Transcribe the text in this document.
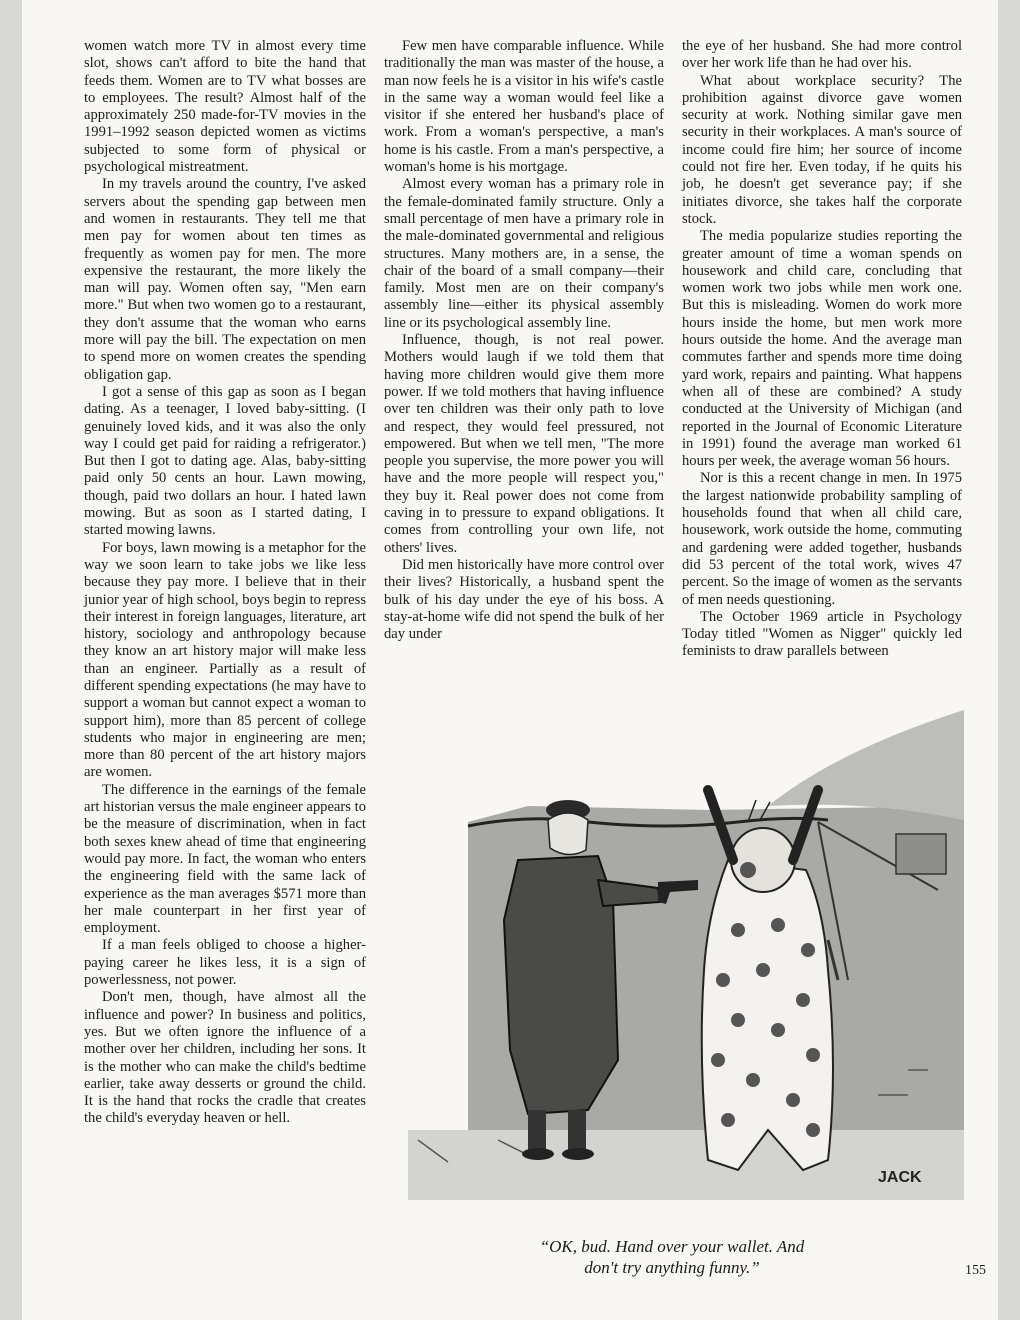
women watch more TV in almost every time slot, shows can't afford to bite the hand that feeds them. Women are to TV what bosses are to employees. The result? Almost half of the approximately 250 made-for-TV movies in the 1991–1992 season depicted women as victims subjected to some form of physical or psychological mistreatment.

In my travels around the country, I've asked servers about the spending gap between men and women in restaurants. They tell me that men pay for women about ten times as frequently as women pay for men. The more expensive the restaurant, the more likely the man will pay. Women often say, "Men earn more." But when two women go to a restaurant, they don't assume that the woman who earns more will pay the bill. The expectation on men to spend more on women creates the spending obligation gap.

I got a sense of this gap as soon as I began dating. As a teenager, I loved baby-sitting. (I genuinely loved kids, and it was also the only way I could get paid for raiding a refrigerator.) But then I got to dating age. Alas, baby-sitting paid only 50 cents an hour. Lawn mowing, though, paid two dollars an hour. I hated lawn mowing. But as soon as I started dating, I started mowing lawns.

For boys, lawn mowing is a metaphor for the way we soon learn to take jobs we like less because they pay more. I believe that in their junior year of high school, boys begin to repress their interest in foreign languages, literature, art history, sociology and anthropology because they know an art history major will make less than an engineer. Partially as a result of different spending expectations (he may have to support a woman but cannot expect a woman to support him), more than 85 percent of college students who major in engineering are men; more than 80 percent of the art history majors are women.

The difference in the earnings of the female art historian versus the male engineer appears to be the measure of discrimination, when in fact both sexes knew ahead of time that engineering would pay more. In fact, the woman who enters the engineering field with the same lack of experience as the man averages $571 more than her male counterpart in her first year of employment.

If a man feels obliged to choose a higher-paying career he likes less, it is a sign of powerlessness, not power.

Don't men, though, have almost all the influence and power? In business and politics, yes. But we often ignore the influence of a mother over her children, including her sons. It is the mother who can make the child's bedtime earlier, take away desserts or ground the child. It is the hand that rocks the cradle that creates the child's everyday heaven or hell.

Few men have comparable influence. While traditionally the man was master of the house, a man now feels he is a visitor in his wife's castle in the same way a woman would feel like a visitor if she entered her husband's place of work. From a woman's perspective, a man's home is his castle. From a man's perspective, a woman's home is his mortgage.

Almost every woman has a primary role in the female-dominated family structure. Only a small percentage of men have a primary role in the male-dominated governmental and religious structures. Many mothers are, in a sense, the chair of the board of a small company—their family. Most men are on their company's assembly line—either its physical assembly line or its psychological assembly line.

Influence, though, is not real power. Mothers would laugh if we told them that having more children would give them more power. If we told mothers that having influence over ten children was their only path to love and respect, they would feel pressured, not empowered. But when we tell men, "The more people you supervise, the more power you will have and the more people will respect you," they buy it. Real power does not come from caving in to pressure to expand obligations. It comes from controlling your own life, not others' lives.

Did men historically have more control over their lives? Historically, a husband spent the bulk of his day under the eye of his boss. A stay-at-home wife did not spend the bulk of her day under

the eye of her husband. She had more control over her work life than he had over his.

What about workplace security? The prohibition against divorce gave women security at work. Nothing similar gave men security in their workplaces. A man's source of income could fire him; her source of income could not fire her. Even today, if he quits his job, he doesn't get severance pay; if she initiates divorce, she takes half the corporate stock.

The media popularize studies reporting the greater amount of time a woman spends on housework and child care, concluding that women work two jobs while men work one. But this is misleading. Women do work more hours inside the home, but men work more hours outside the home. And the average man commutes farther and spends more time doing yard work, repairs and painting. What happens when all of these are combined? A study conducted at the University of Michigan (and reported in the Journal of Economic Literature in 1991) found the average man worked 61 hours per week, the average woman 56 hours.

Nor is this a recent change in men. In 1975 the largest nationwide probability sampling of households found that when all child care, housework, work outside the home, commuting and gardening were added together, husbands did 53 percent of the total work, wives 47 percent. So the image of women as the servants of men needs questioning.

The October 1969 article in Psychology Today titled "Women as Nigger" quickly led feminists to draw parallels between

JACK
“OK, bud. Hand over your wallet. And
don't try anything funny.”	155
